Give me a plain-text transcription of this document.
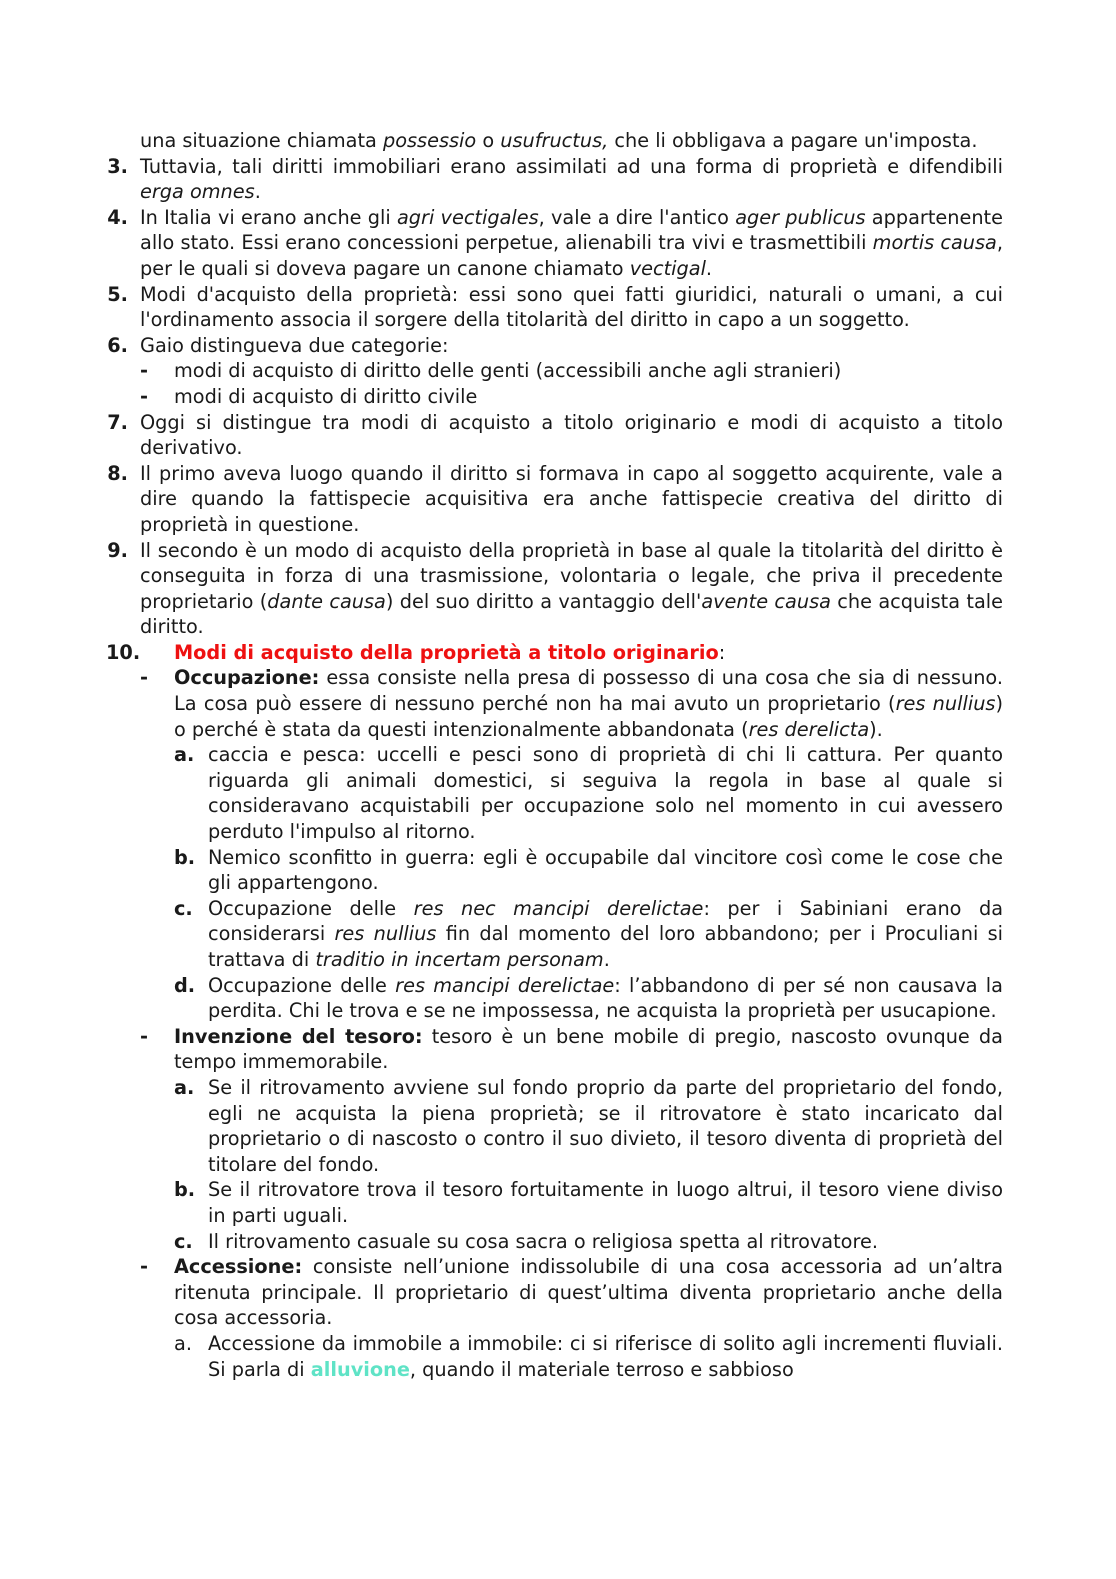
una situazione chiamata possessio o usufructus, che li obbligava a pagare un'imposta.
3. Tuttavia, tali diritti immobiliari erano assimilati ad una forma di proprietà e difendibili erga omnes.
4. In Italia vi erano anche gli agri vectigales, vale a dire l'antico ager publicus appartenente allo stato. Essi erano concessioni perpetue, alienabili tra vivi e trasmettibili mortis causa, per le quali si doveva pagare un canone chiamato vectigal.
5. Modi d'acquisto della proprietà: essi sono quei fatti giuridici, naturali o umani, a cui l'ordinamento associa il sorgere della titolarità del diritto in capo a un soggetto.
6. Gaio distingueva due categorie:
- modi di acquisto di diritto delle genti (accessibili anche agli stranieri)
- modi di acquisto di diritto civile
7. Oggi si distingue tra modi di acquisto a titolo originario e modi di acquisto a titolo derivativo.
8. Il primo aveva luogo quando il diritto si formava in capo al soggetto acquirente, vale a dire quando la fattispecie acquisitiva era anche fattispecie creativa del diritto di proprietà in questione.
9. Il secondo è un modo di acquisto della proprietà in base al quale la titolarità del diritto è conseguita in forza di una trasmissione, volontaria o legale, che priva il precedente proprietario (dante causa) del suo diritto a vantaggio dell'avente causa che acquista tale diritto.
10.	Modi di acquisto della proprietà a titolo originario:
- Occupazione: essa consiste nella presa di possesso di una cosa che sia di nessuno. La cosa può essere di nessuno perché non ha mai avuto un proprietario (res nullius) o perché è stata da questi intenzionalmente abbandonata (res derelicta).
a. caccia e pesca: uccelli e pesci sono di proprietà di chi li cattura. Per quanto riguarda gli animali domestici, si seguiva la regola in base al quale si consideravano acquistabili per occupazione solo nel momento in cui avessero perduto l'impulso al ritorno.
b. Nemico sconfitto in guerra: egli è occupabile dal vincitore così come le cose che gli appartengono.
c. Occupazione delle res nec mancipi derelictae: per i Sabiniani erano da considerarsi res nullius fin dal momento del loro abbandono; per i Proculiani si trattava di traditio in incertam personam.
d. Occupazione delle res mancipi derelictae: l’abbandono di per sé non causava la perdita. Chi le trova e se ne impossessa, ne acquista la proprietà per usucapione.
- Invenzione del tesoro: tesoro è un bene mobile di pregio, nascosto ovunque da tempo immemorabile.
a. Se il ritrovamento avviene sul fondo proprio da parte del proprietario del fondo, egli ne acquista la piena proprietà; se il ritrovatore è stato incaricato dal proprietario o di nascosto o contro il suo divieto, il tesoro diventa di proprietà del titolare del fondo.
b. Se il ritrovatore trova il tesoro fortuitamente in luogo altrui, il tesoro viene diviso in parti uguali.
c. Il ritrovamento casuale su cosa sacra o religiosa spetta al ritrovatore.
- Accessione: consiste nell’unione indissolubile di una cosa accessoria ad un’altra ritenuta principale. Il proprietario di quest’ultima diventa proprietario anche della cosa accessoria.
a. Accessione da immobile a immobile: ci si riferisce di solito agli incrementi fluviali. Si parla di alluvione, quando il materiale terroso e sabbioso
